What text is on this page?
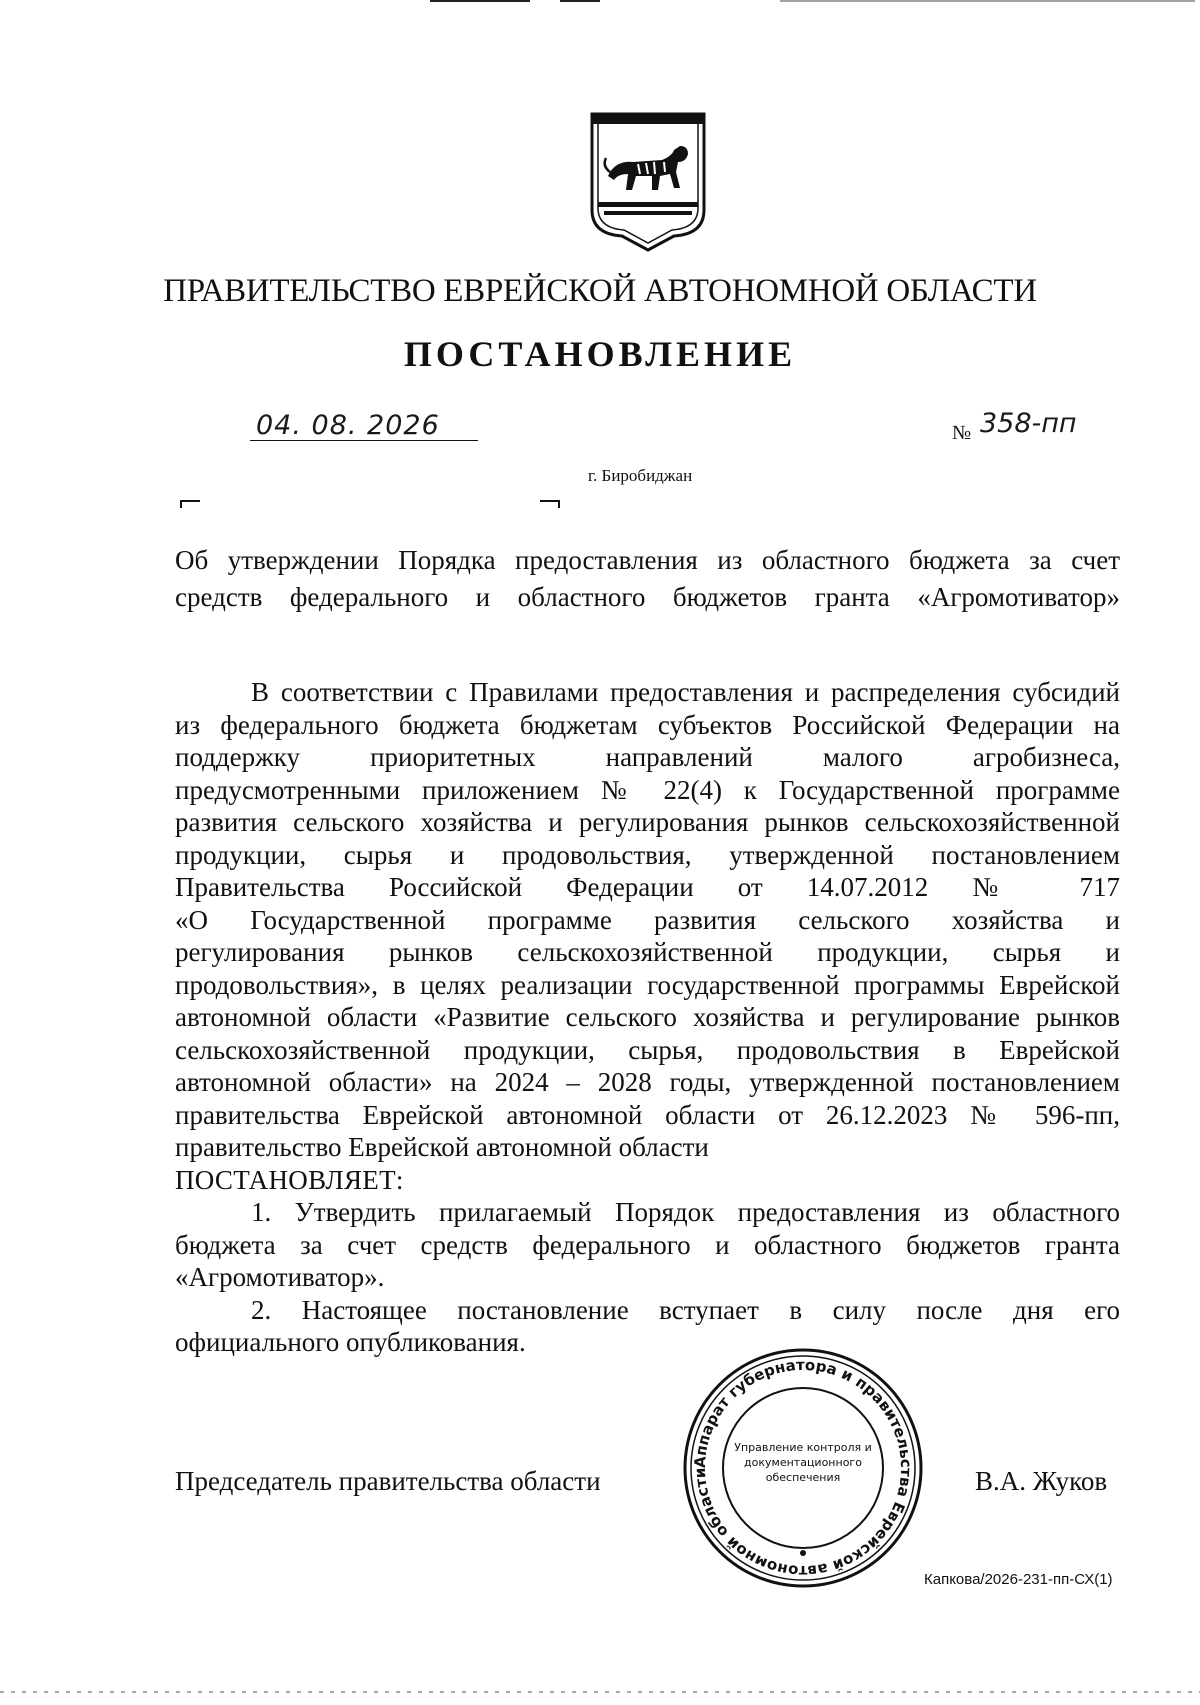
ПРАВИТЕЛЬСТВО ЕВРЕЙСКОЙ АВТОНОМНОЙ ОБЛАСТИ
ПОСТАНОВЛЕНИЕ
04. 08. 2026	№ 358-пп
г. Биробиджан
Об утверждении Порядка предоставления из областного бюджета за счет
средств федерального и областного бюджетов гранта «Агромотиватор»
В соответствии с Правилами предоставления и распределения субсидий
из федерального бюджета бюджетам субъектов Российской Федерации на
поддержку приоритетных направлений малого агробизнеса,
предусмотренными приложением № 22(4) к Государственной программе
развития сельского хозяйства и регулирования рынков сельскохозяйственной
продукции, сырья и продовольствия, утвержденной постановлением
Правительства Российской Федерации от 14.07.2012 № 717
«О Государственной программе развития сельского хозяйства и
регулирования рынков сельскохозяйственной продукции, сырья и
продовольствия», в целях реализации государственной программы Еврейской
автономной области «Развитие сельского хозяйства и регулирование рынков
сельскохозяйственной продукции, сырья, продовольствия в Еврейской
автономной области» на 2024 – 2028 годы, утвержденной постановлением
правительства Еврейской автономной области от 26.12.2023 № 596-пп,
правительство Еврейской автономной области
ПОСТАНОВЛЯЕТ:
1. Утвердить прилагаемый Порядок предоставления из областного
бюджета за счет средств федерального и областного бюджетов гранта
«Агромотиватор».
2. Настоящее постановление вступает в силу после дня его
официального опубликования.
Председатель правительства области	В.А. Жуков
Аппарат губернатора и правительства Еврейской автономной области
Управление контроля и
документационного
обеспечения
Капкова/2026-231-пп-СХ(1)
